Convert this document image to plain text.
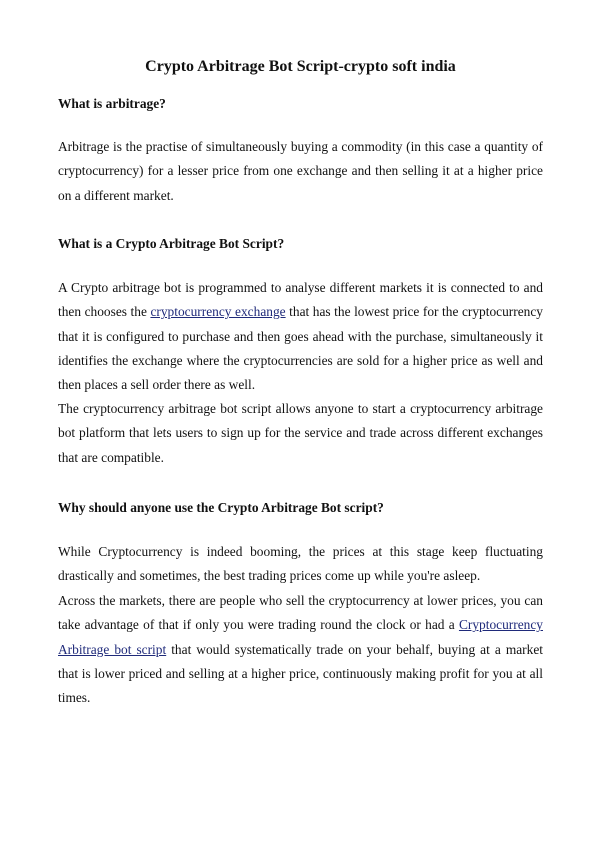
Crypto Arbitrage Bot Script-crypto soft india
What is arbitrage?

Arbitrage is the practise of simultaneously buying a commodity (in this case a quantity of cryptocurrency) for a lesser price from one exchange and then selling it at a higher price on a different market.

What is a Crypto Arbitrage Bot Script?

A Crypto arbitrage bot is programmed to analyse different markets it is connected to and then chooses the cryptocurrency exchange that has the lowest price for the cryptocurrency that it is configured to purchase and then goes ahead with the purchase, simultaneously it identifies the exchange where the cryptocurrencies are sold for a higher price as well and then places a sell order there as well.

The cryptocurrency arbitrage bot script allows anyone to start a cryptocurrency arbitrage bot platform that lets users to sign up for the service and trade across different exchanges that are compatible.

Why should anyone use the Crypto Arbitrage Bot script?

While Cryptocurrency is indeed booming, the prices at this stage keep fluctuating drastically and sometimes, the best trading prices come up while you're asleep.

Across the markets, there are people who sell the cryptocurrency at lower prices, you can take advantage of that if only you were trading round the clock or had a Cryptocurrency Arbitrage bot script that would systematically trade on your behalf, buying at a market that is lower priced and selling at a higher price, continuously making profit for you at all times.
